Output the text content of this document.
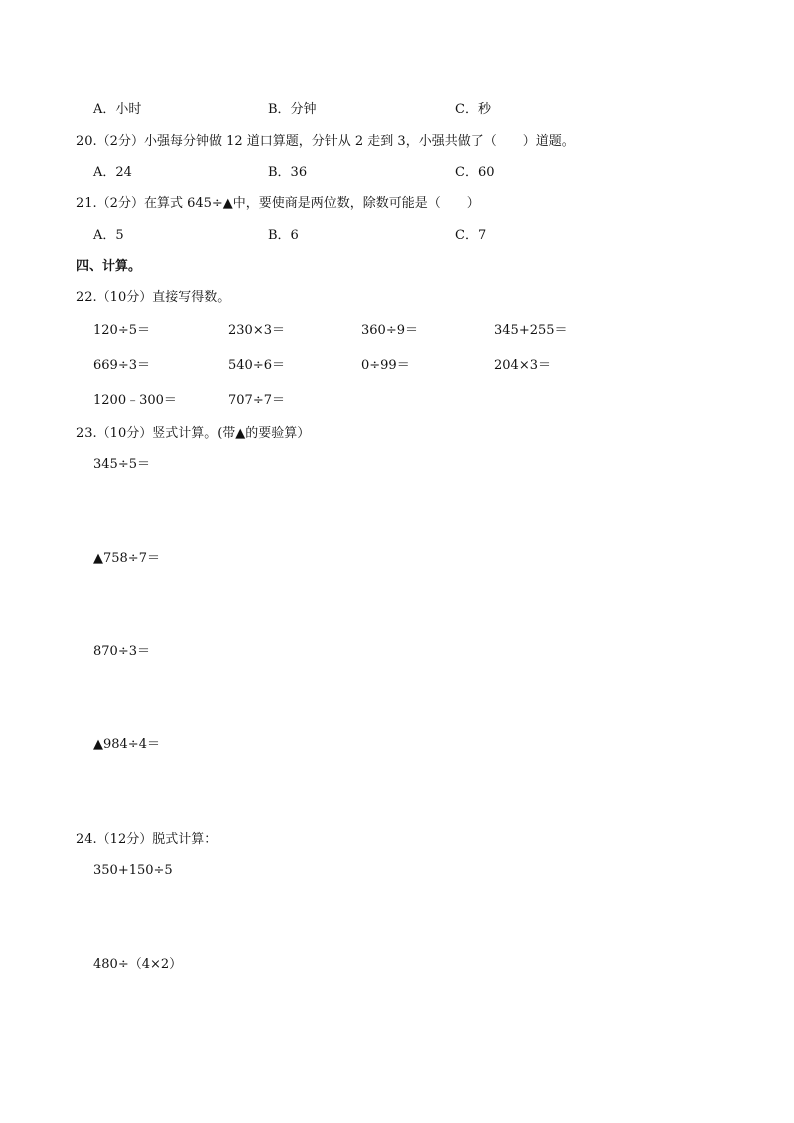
A．小时	B．分钟	C．秒
20.（2分）小强每分钟做 12 道口算题，分针从 2 走到 3，小强共做了（　　）道题。
A．24	B．36	C．60
21.（2分）在算式 645÷▲中，要使商是两位数，除数可能是（　　）
A．5	B．6	C．7
四、计算。
22.（10分）直接写得数。
120÷5＝	230×3＝	360÷9＝	345+255＝
669÷3＝	540÷6＝	0÷99＝	204×3＝
1200﹣300＝	707÷7＝
23.（10分）竖式计算。(带▲的要验算）
345÷5＝
▲758÷7＝
870÷3＝
▲984÷4＝
24.（12分）脱式计算：
350+150÷5
480÷（4×2）
